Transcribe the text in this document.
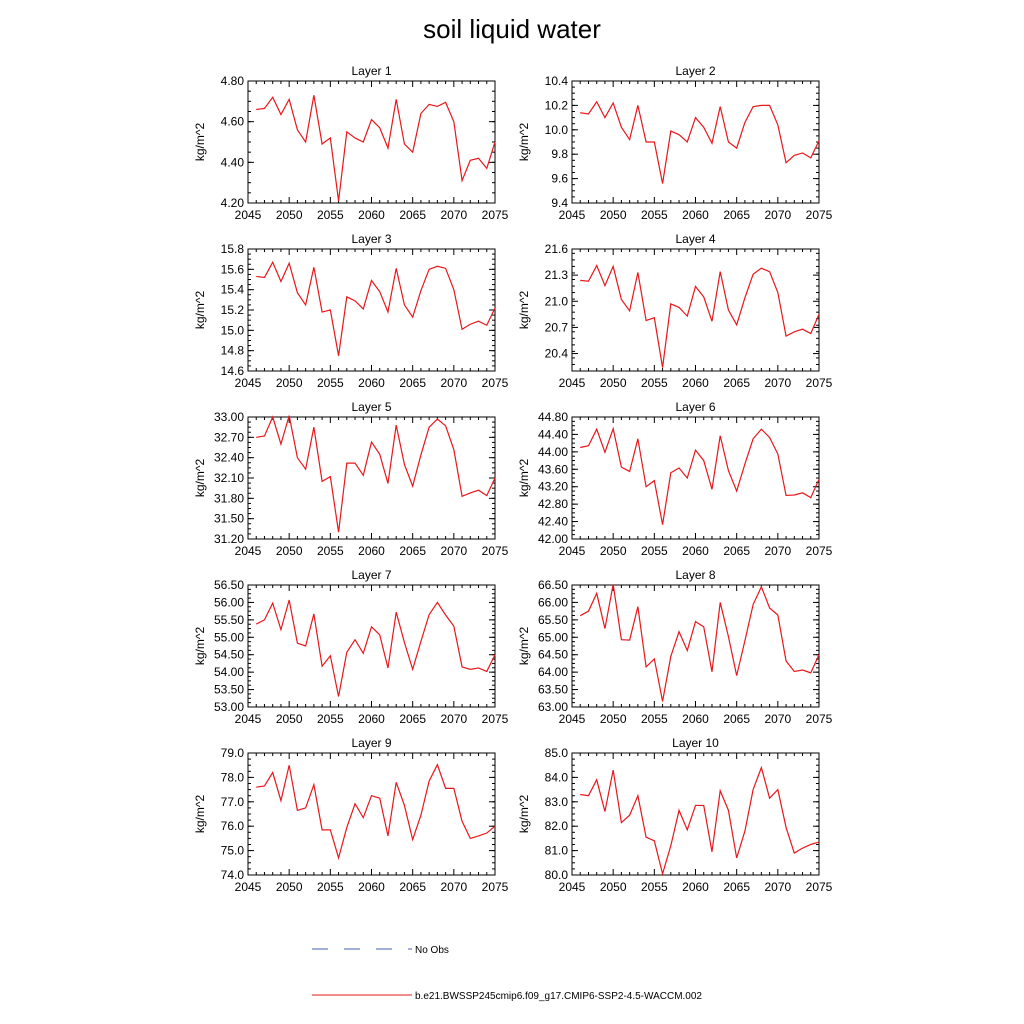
soil liquid water
Layer 1
kg/m^2
2045 2050 2055 2060 2065 2070 2075
4.20
4.40
4.60
4.80
Layer 2
kg/m^2
2045 2050 2055 2060 2065 2070 2075
9.4
9.6
9.8
10.0
10.2
10.4
Layer 3
kg/m^2
2045 2050 2055 2060 2065 2070 2075
14.6
14.8
15.0
15.2
15.4
15.6
15.8
Layer 4
kg/m^2
2045 2050 2055 2060 2065 2070 2075
20.4
20.7
21.0
21.3
21.6
Layer 5
kg/m^2
2045 2050 2055 2060 2065 2070 2075
31.20
31.50
31.80
32.10
32.40
32.70
33.00
Layer 6
kg/m^2
2045 2050 2055 2060 2065 2070 2075
42.00
42.40
42.80
43.20
43.60
44.00
44.40
44.80
Layer 7
kg/m^2
2045 2050 2055 2060 2065 2070 2075
53.00
53.50
54.00
54.50
55.00
55.50
56.00
56.50
Layer 8
kg/m^2
2045 2050 2055 2060 2065 2070 2075
63.00
63.50
64.00
64.50
65.00
65.50
66.00
66.50
Layer 9
kg/m^2
2045 2050 2055 2060 2065 2070 2075
74.0
75.0
76.0
77.0
78.0
79.0
Layer 10
kg/m^2
2045 2050 2055 2060 2065 2070 2075
80.0
81.0
82.0
83.0
84.0
85.0
No Obs
b.e21.BWSSP245cmip6.f09_g17.CMIP6-SSP2-4.5-WACCM.002
